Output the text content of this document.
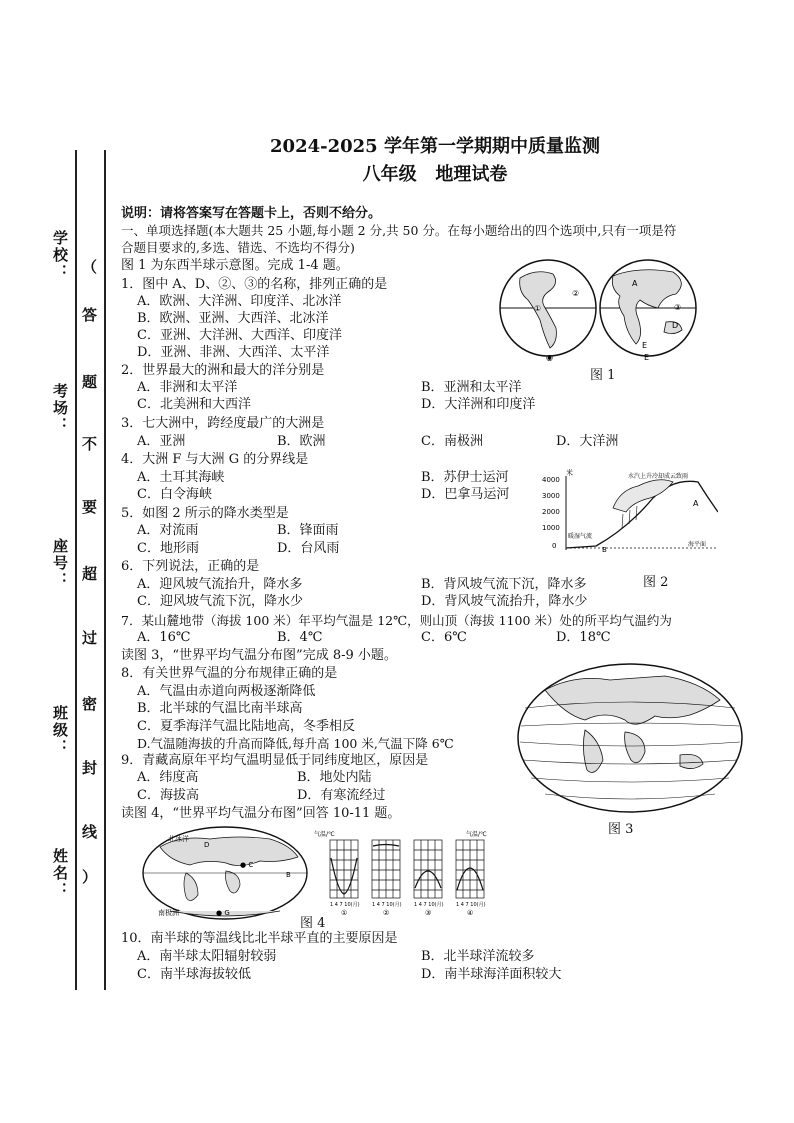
学校：
考场：
座号：
班级：
姓名：
（
答
题
不
要
超
过
密
封
线
）
2024-2025 学年第一学期期中质量监测
八年级   地理试卷
说明：请将答案写在答题卡上，否则不给分。
一、单项选择题(本大题共 25 小题,每小题 2 分,共 50 分。在每小题给出的四个选项中,只有一项是符
合题目要求的,多选、错选、不选均不得分)
图 1 为东西半球示意图。完成 1-4 题。
1．图中 A、D、②、③的名称，排列正确的是
A．欧洲、大洋洲、印度洋、北冰洋
B．欧洲、亚洲、大西洋、北冰洋
C．亚洲、大洋洲、大西洋、印度洋
D．亚洲、非洲、大西洋、太平洋
2．世界最大的洲和最大的洋分别是
A．非洲和太平洋	B．亚洲和太平洋
C．北美洲和大西洋	D．大洋洲和印度洋
3．七大洲中，跨经度最广的大洲是
A．亚洲	B．欧洲	C．南极洲	D．大洋洲
4．大洲 F 与大洲 G 的分界线是
A．土耳其海峡	B．苏伊士运河
C．白令海峡	D．巴拿马运河
5．如图 2 所示的降水类型是
A．对流雨	B．锋面雨
C．地形雨	D．台风雨
6．下列说法，正确的是
A．迎风坡气流抬升，降水多	B．背风坡气流下沉，降水多
C．迎风坡气流下沉，降水少	D．背风坡气流抬升，降水少
7．某山麓地带（海拔 100 米）年平均气温是 12℃，则山顶（海拔 1100 米）处的所平均气温约为
A．16℃	B．4℃	C．6℃	D．18℃
读图 3，“世界平均气温分布图”完成 8-9 小题。
8．有关世界气温的分布规律正确的是
A．气温由赤道向两极逐渐降低
B．北半球的气温比南半球高
C．夏季海洋气温比陆地高，冬季相反
D.气温随海拔的升高而降低,每升高 100 米,气温下降 6℃
9．青藏高原年平均气温明显低于同纬度地区，原因是
A．纬度高	B．地处内陆
C．海拔高	D．有寒流经过
读图 4，“世界平均气温分布图”回答 10-11 题。
10．南半球的等温线比北半球平直的主要原因是
A．南半球太阳辐射较弱	B．北半球洋流较多
C．南半球海拔较低	D．南半球海洋面积较大
①
②
③
A
D
E
◉	E
图 1
米
4000
3000
2000
1000
0
水汽上升冷却成云致雨
暖湿气流
A
B
海平面
图 2
图 3
北冰洋
南极洲
D
● C
B
● G
图 4
气温/℃	气温/℃
1 4 7 10(月) 1 4 7 10(月) 1 4 7 10(月) 1 4 7 10(月)
①	②	③	④
